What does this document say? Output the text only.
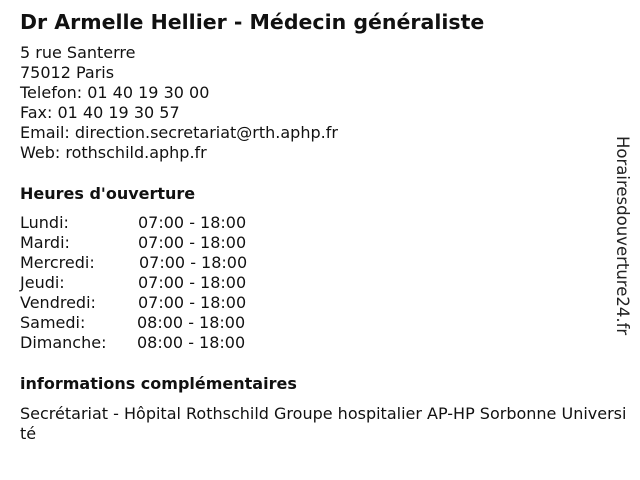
Dr Armelle Hellier - Médecin généraliste
5 rue Santerre
75012 Paris
Telefon: 01 40 19 30 00
Fax: 01 40 19 30 57
Email: direction.secretariat@rth.aphp.fr
Web: rothschild.aphp.fr
Heures d'ouverture
Lundi:	07:00 - 18:00
Mardi:	07:00 - 18:00
Mercredi:	07:00 - 18:00
Jeudi:	07:00 - 18:00
Vendredi:	07:00 - 18:00
Samedi:	08:00 - 18:00
Dimanche: 08:00 - 18:00
informations complémentaires
Secrétariat - Hôpital Rothschild Groupe hospitalier AP-HP Sorbonne Université
Horairesdouverture24.fr
